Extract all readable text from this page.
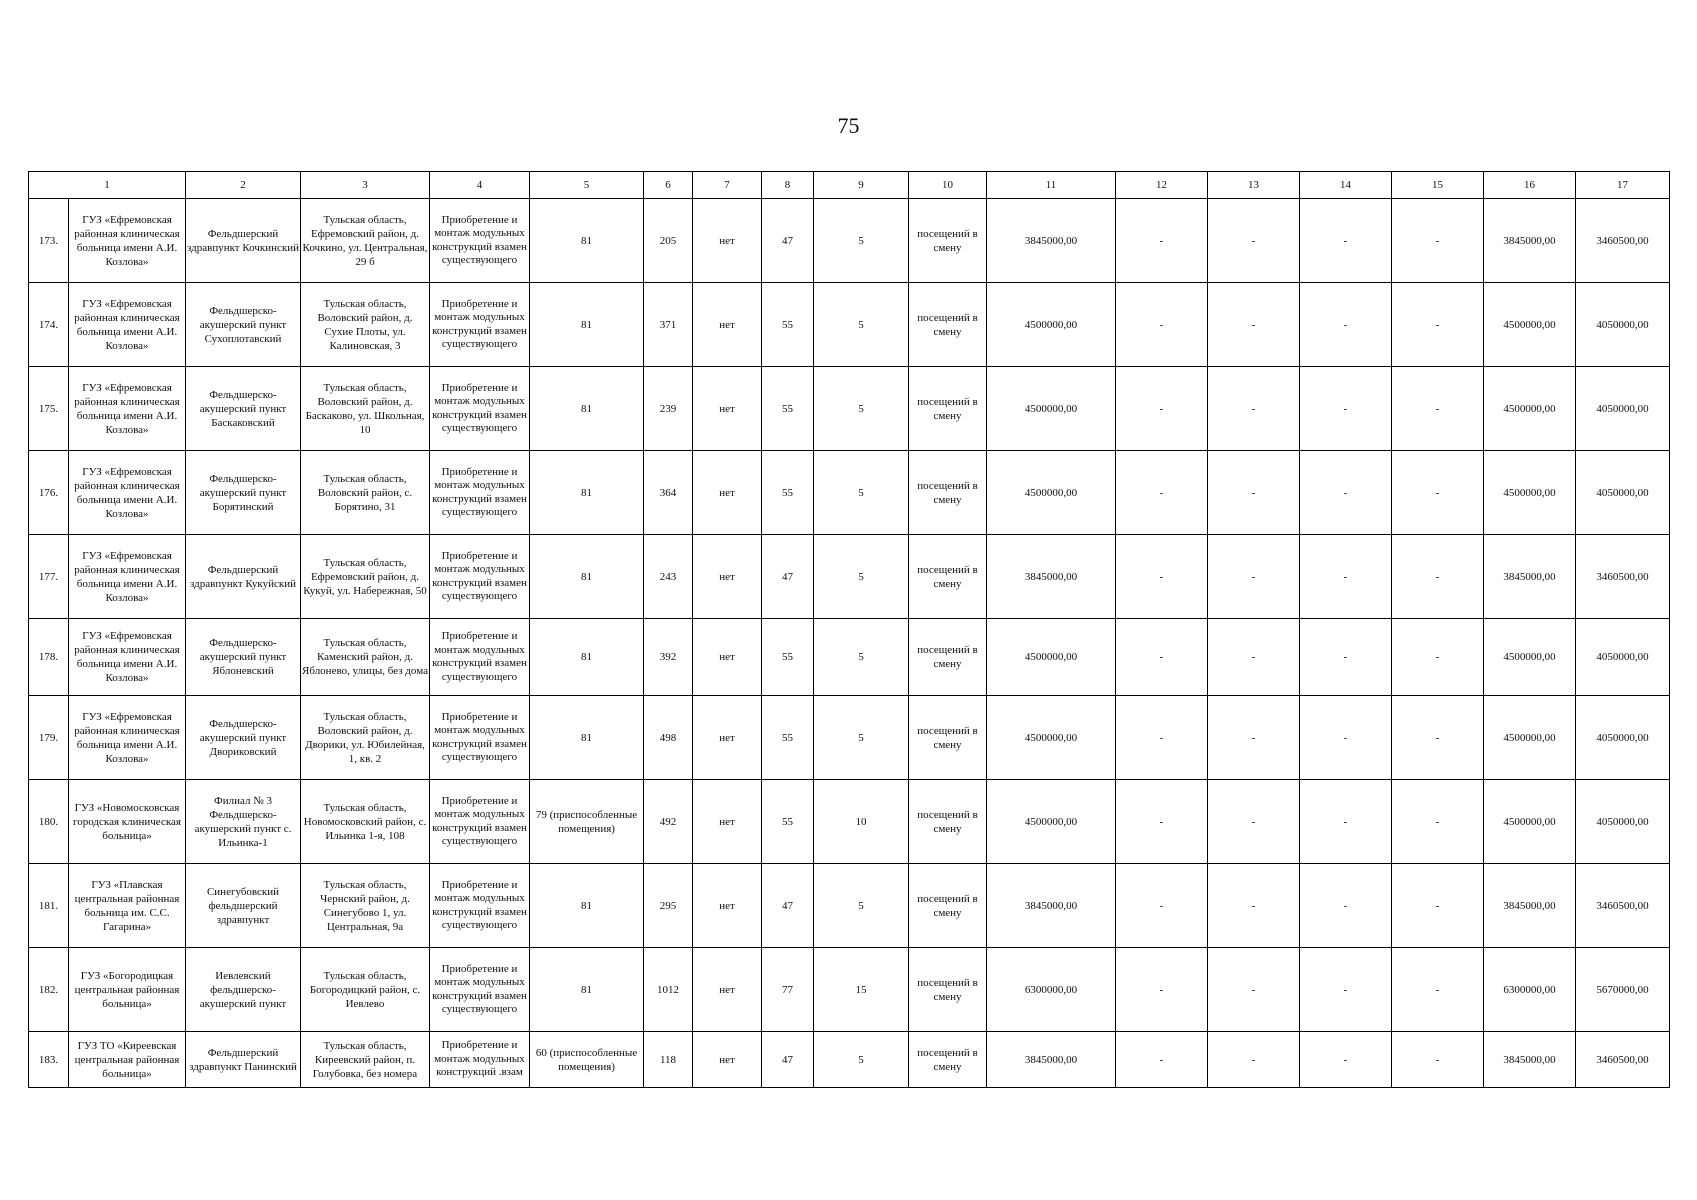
75
1		2	3	4	5	6	7	8	9	10	11	12	13	14	15	16	17
173.	ГУЗ «Ефремовская районная клиническая больница имени А.И. Козлова»	Фельдшерский здравпункт Кочкинский	Тульская область, Ефремовский район, д. Кочкино, ул. Центральная, 29 б	Приобретение и монтаж модульных конструкций взамен существующего	81	205	нет	47	5	посещений в смену	3845000,00	-	-	-	-	3845000,00	3460500,00
174.	ГУЗ «Ефремовская районная клиническая больница имени А.И. Козлова»	Фельдшерско-акушерский пункт Сухоплотавский	Тульская область, Воловский район, д. Сухие Плоты, ул. Калиновская, 3	Приобретение и монтаж модульных конструкций взамен существующего	81	371	нет	55	5	посещений в смену	4500000,00	-	-	-	-	4500000,00	4050000,00
175.	ГУЗ «Ефремовская районная клиническая больница имени А.И. Козлова»	Фельдшерско-акушерский пункт Баскаковский	Тульская область, Воловский район, д. Баскаково, ул. Школьная, 10	Приобретение и монтаж модульных конструкций взамен существующего	81	239	нет	55	5	посещений в смену	4500000,00	-	-	-	-	4500000,00	4050000,00
176.	ГУЗ «Ефремовская районная клиническая больница имени А.И. Козлова»	Фельдшерско-акушерский пункт Борятинский	Тульская область, Воловский район, с. Борятино, 31	Приобретение и монтаж модульных конструкций взамен существующего	81	364	нет	55	5	посещений в смену	4500000,00	-	-	-	-	4500000,00	4050000,00
177.	ГУЗ «Ефремовская районная клиническая больница имени А.И. Козлова»	Фельдшерский здравпункт Кукуйский	Тульская область, Ефремовский район, д. Кукуй, ул. Набережная, 50	Приобретение и монтаж модульных конструкций взамен существующего	81	243	нет	47	5	посещений в смену	3845000,00	-	-	-	-	3845000,00	3460500,00
178.	ГУЗ «Ефремовская районная клиническая больница имени А.И. Козлова»	Фельдшерско-акушерский пункт Яблоневский	Тульская область, Каменский район, д. Яблонево, улицы, без дома	Приобретение и монтаж модульных конструкций взамен существующего	81	392	нет	55	5	посещений в смену	4500000,00	-	-	-	-	4500000,00	4050000,00
179.	ГУЗ «Ефремовская районная клиническая больница имени А.И. Козлова»	Фельдшерско-акушерский пункт Двориковский	Тульская область, Воловский район, д. Дворики, ул. Юбилейная, 1, кв. 2	Приобретение и монтаж модульных конструкций взамен существующего	81	498	нет	55	5	посещений в смену	4500000,00	-	-	-	-	4500000,00	4050000,00
180.	ГУЗ «Новомосковская городская клиническая больница»	Филиал № 3 Фельдшерско-акушерский пункт с. Ильинка-1	Тульская область, Новомосковский район, с. Ильинка 1-я, 108	Приобретение и монтаж модульных конструкций взамен существующего	79 (приспособленные помещения)	492	нет	55	10	посещений в смену	4500000,00	-	-	-	-	4500000,00	4050000,00
181.	ГУЗ «Плавская центральная районная больница им. С.С. Гагарина»	Синегубовский фельдшерский здравпункт	Тульская область, Чернский район, д. Синегубово 1, ул. Центральная, 9а	Приобретение и монтаж модульных конструкций взамен существующего	81	295	нет	47	5	посещений в смену	3845000,00	-	-	-	-	3845000,00	3460500,00
182.	ГУЗ «Богородицкая центральная районная больница»	Иевлевский фельдшерско-акушерский пункт	Тульская область, Богородицкий район, с. Иевлево	Приобретение и монтаж модульных конструкций взамен существующего	81	1012	нет	77	15	посещений в смену	6300000,00	-	-	-	-	6300000,00	5670000,00
183.	ГУЗ ТО «Киреевская центральная районная больница»	Фельдшерский здравпункт Панинский	Тульская область, Киреевский район, п. Голубовка, без номера	Приобретение и монтаж модульных конструкций .взам	60 (приспособленные помещения)	118	нет	47	5	посещений в смену	3845000,00	-	-	-	-	3845000,00	3460500,00
